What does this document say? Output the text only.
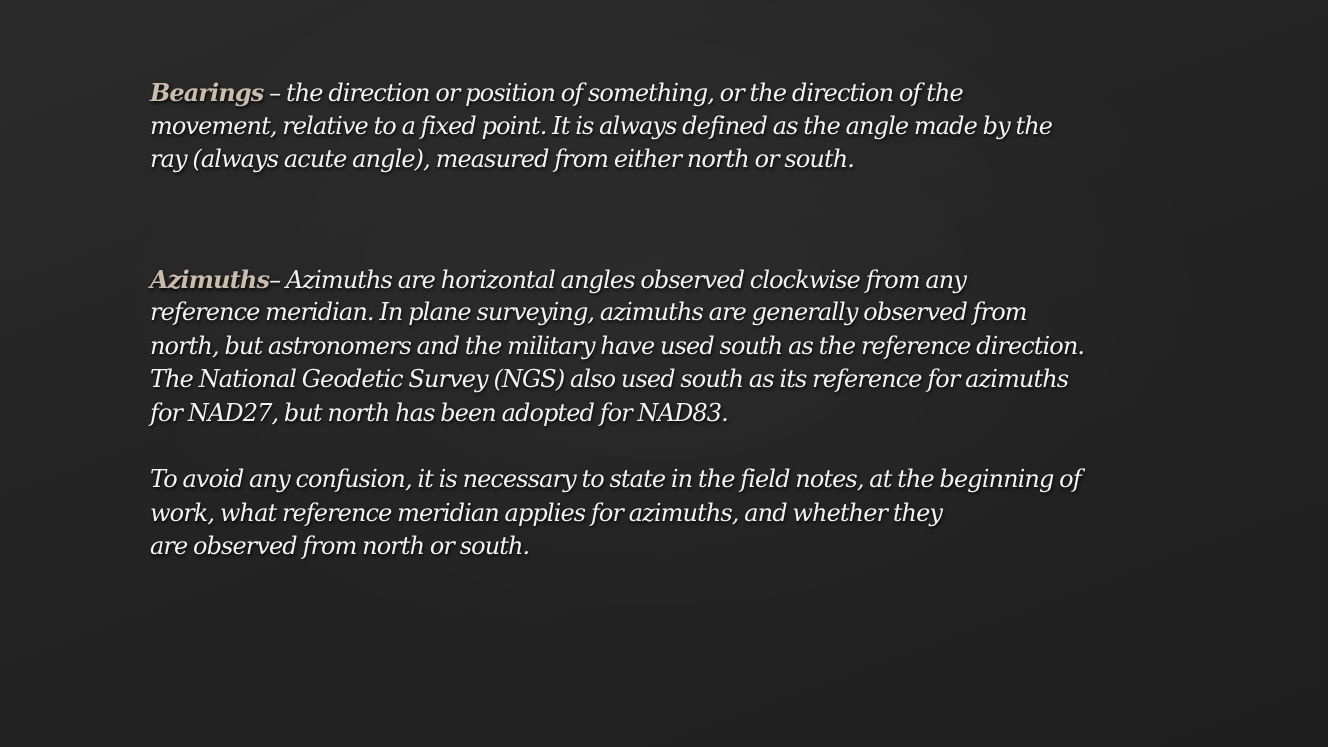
Bearings – the direction or position of something, or the direction of the
movement, relative to a fixed point. It is always defined as the angle made by the
ray (always acute angle), measured from either north or south.

Azimuths– Azimuths are horizontal angles observed clockwise from any
reference meridian. In plane surveying, azimuths are generally observed from
north, but astronomers and the military have used south as the reference direction.
The National Geodetic Survey (NGS) also used south as its reference for azimuths
for NAD27, but north has been adopted for NAD83.

To avoid any confusion, it is necessary to state in the field notes, at the beginning of
work, what reference meridian applies for azimuths, and whether they
are observed from north or south.
